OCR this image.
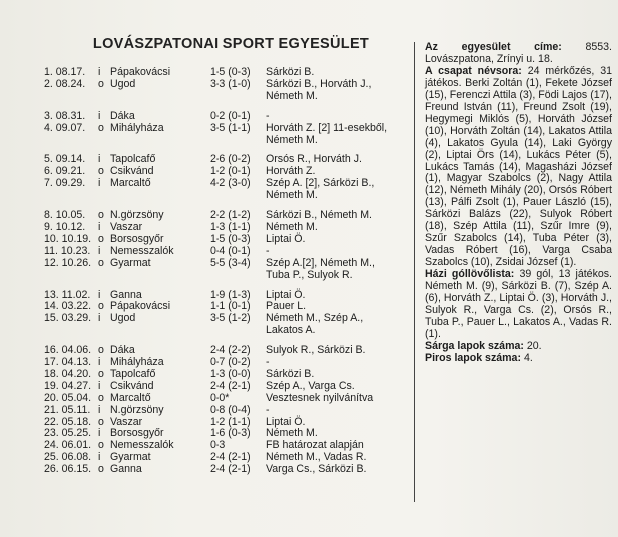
LOVÁSZPATONAI SPORT EGYESÜLET
1. 08.17.	i Pápakovácsi	1-5 (0-3)	Sárközi B.
2. 08.24.	o Ugod	3-3 (1-0)	Sárközi B., Horváth J.,
Németh M.
3. 08.31.	i Dáka	0-2 (0-1)	-
4. 09.07.	o Mihályháza	3-5 (1-1)	Horváth Z. [2] 11-esekből,
Németh M.
5. 09.14.	i Tapolcafő	2-6 (0-2)	Orsós R., Horváth J.
6. 09.21.	o Csikvánd	1-2 (0-1)	Horváth Z.
7. 09.29.	i Marcaltő	4-2 (3-0)	Szép A. [2], Sárközi B.,
Németh M.
8. 10.05.	o N.görzsöny	2-2 (1-2)	Sárközi B., Németh M.
9. 10.12.	i Vaszar	1-3 (1-1)	Németh M.
10. 10.19. o Borsosgyőr	1-5 (0-3)	Liptai Ö.
11. 10.23. i Nemesszalók	0-4 (0-1)	-
12. 10.26. o Gyarmat	5-5 (3-4)	Szép A.[2], Németh M.,
Tuba P., Sulyok R.
13. 11.02. i Ganna	1-9 (1-3)	Liptai Ö.
14. 03.22. o Pápakovácsi	1-1 (0-1)	Pauer L.
15. 03.29. i Ugod	3-5 (1-2)	Németh M., Szép A.,
Lakatos A.
16. 04.06. o Dáka	2-4 (2-2)	Sulyok R., Sárközi B.
17. 04.13. i Mihályháza	0-7 (0-2)	-
18. 04.20. o Tapolcafő	1-3 (0-0)	Sárközi B.
19. 04.27. i Csikvánd	2-4 (2-1)	Szép A., Varga Cs.
20. 05.04. o Marcaltő	0-0*	Vesztesnek nyilvánítva
21. 05.11. i N.görzsöny	0-8 (0-4)	-
22. 05.18. o Vaszar	1-2 (1-1)	Liptai Ö.
23. 05.25. i Borsosgyőr	1-6 (0-3)	Németh M.
24. 06.01. o Nemesszalók	0-3	FB határozat alapján
25. 06.08. i Gyarmat	2-4 (2-1)	Németh M., Vadas R.
26. 06.15. o Ganna	2-4 (2-1)	Varga Cs., Sárközi B.

Az egyesület címe: 8553. Lovászpatona, Zrínyi u. 18.

A csapat névsora: 24 mérkőzés, 31 játékos. Berki Zoltán (1), Fekete József (15), Ferenczi Attila (3), Födi Lajos (17), Freund István (11), Freund Zsolt (19), Hegymegi Miklós (5), Horváth József (10), Horváth Zoltán (14), Lakatos Attila (4), Lakatos Gyula (14), Laki György (2), Liptai Örs (14), Lukács Péter (5), Lukács Tamás (14), Magasházi József (1), Magyar Szabolcs (2), Nagy Attila (12), Németh Mihály (20), Orsós Róbert (13), Pálfi Zsolt (1), Pauer László (15), Sárközi Balázs (22), Sulyok Róbert (18), Szép Attila (11), Szűr Imre (9), Szűr Szabolcs (14), Tuba Péter (3), Vadas Róbert (16), Varga Csaba Szabolcs (10), Zsidai József (1).

Házi góllövőlista: 39 gól, 13 játékos. Németh M. (9), Sárközi B. (7), Szép A. (6), Horváth Z., Liptai Ö. (3), Horváth J., Sulyok R., Varga Cs. (2), Orsós R., Tuba P., Pauer L., Lakatos A., Vadas R. (1).

Sárga lapok száma: 20.

Piros lapok száma: 4.
